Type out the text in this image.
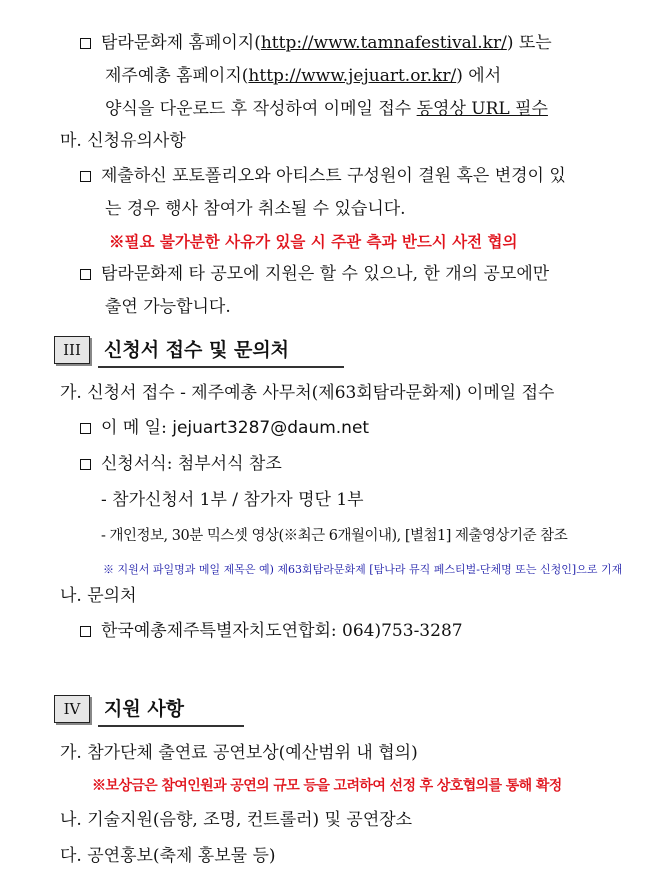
탐라문화제 홈페이지(http://www.tamnafestival.kr/) 또는
제주예총 홈페이지(http://www.jejuart.or.kr/) 에서
양식을 다운로드 후 작성하여 이메일 접수 동영상 URL 필수
마. 신청유의사항
제출하신 포토폴리오와 아티스트 구성원이 결원 혹은 변경이 있
는 경우 행사 참여가 취소될 수 있습니다.
※필요 불가분한 사유가 있을 시 주관 측과 반드시 사전 협의
탐라문화제 타 공모에 지원은 할 수 있으나, 한 개의 공모에만
출연 가능합니다.
III	신청서 접수 및 문의처
가. 신청서 접수 - 제주예총 사무처(제63회탐라문화제) 이메일 접수
이 메 일: jejuart3287@daum.net
신청서식: 첨부서식 참조
- 참가신청서 1부 / 참가자 명단 1부
- 개인정보, 30분 믹스셋 영상(※최근 6개월이내), [별첨1] 제출영상기준 참조
※ 지원서 파일명과 메일 제목은 예) 제63회탐라문화제 [탐나라 뮤직 페스티벌-단체명 또는 신청인]으로 기재
나. 문의처
한국예총제주특별자치도연합회: 064)753-3287
IV	지원 사항
가. 참가단체 출연료 공연보상(예산범위 내 협의)
※보상금은 참여인원과 공연의 규모 등을 고려하여 선정 후 상호협의를 통해 확정
나. 기술지원(음향, 조명, 컨트롤러) 및 공연장소
다. 공연홍보(축제 홍보물 등)
